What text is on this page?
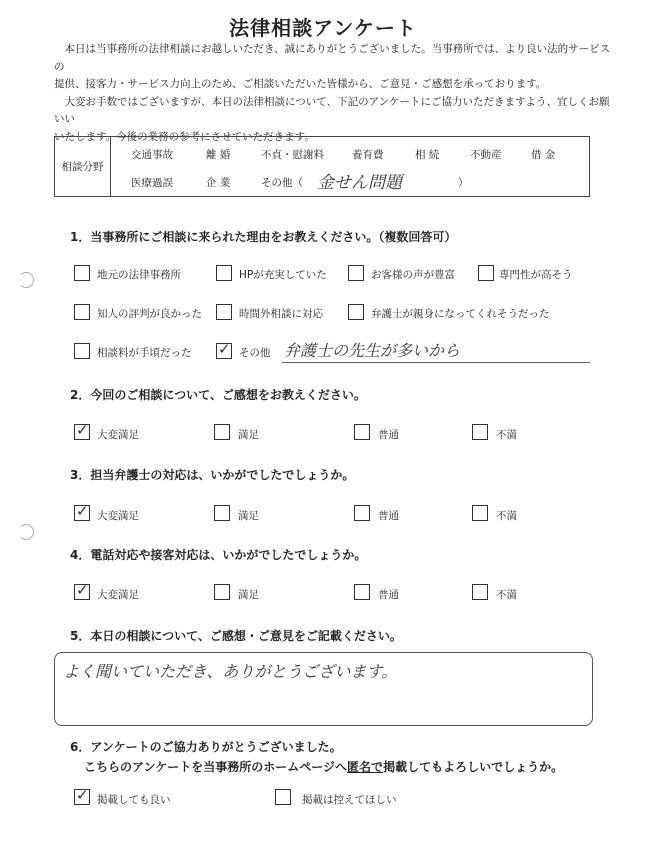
法律相談アンケート

本日は当事務所の法律相談にお越しいただき、誠にありがとうございました。当事務所では、より良い法的サービスの

提供、接客力・サービス力向上のため、ご相談いただいた皆様から、ご意見・ご感想を承っております。

大変お手数ではございますが、本日の法律相談について、下記のアンケートにご協力いただきますよう、宜しくお願いい

いたします。今後の業務の参考にさせていただきます。

相談分野
交通事故	離 婚	不貞・慰謝料	養育費	相 続	不動産	借 金
医療過誤	企 業	その他（ 金せん問題	）
1．当事務所にご相談に来られた理由をお教えください。（複数回答可）
地元の法律事務所	HPが充実していた	お客様の声が豊富	専門性が高そう
知人の評判が良かった	時間外相談に対応	弁護士が親身になってくれそうだった
相談料が手頃だった ✓ その他 弁護士の先生が多いから
2．今回のご相談について、ご感想をお教えください。
✓ 大変満足	満足	普通	不満
3．担当弁護士の対応は、いかがでしたでしょうか。
✓ 大変満足	満足	普通	不満
4．電話対応や接客対応は、いかがでしたでしょうか。
✓ 大変満足	満足	普通	不満
5．本日の相談について、ご感想・ご意見をご記載ください。
よく聞いていただき、ありがとうございます。
6．アンケートのご協力ありがとうございました。
こちらのアンケートを当事務所のホームページへ匿名で掲載してもよろしいでしょうか。
✓ 掲載しても良い	掲載は控えてほしい
